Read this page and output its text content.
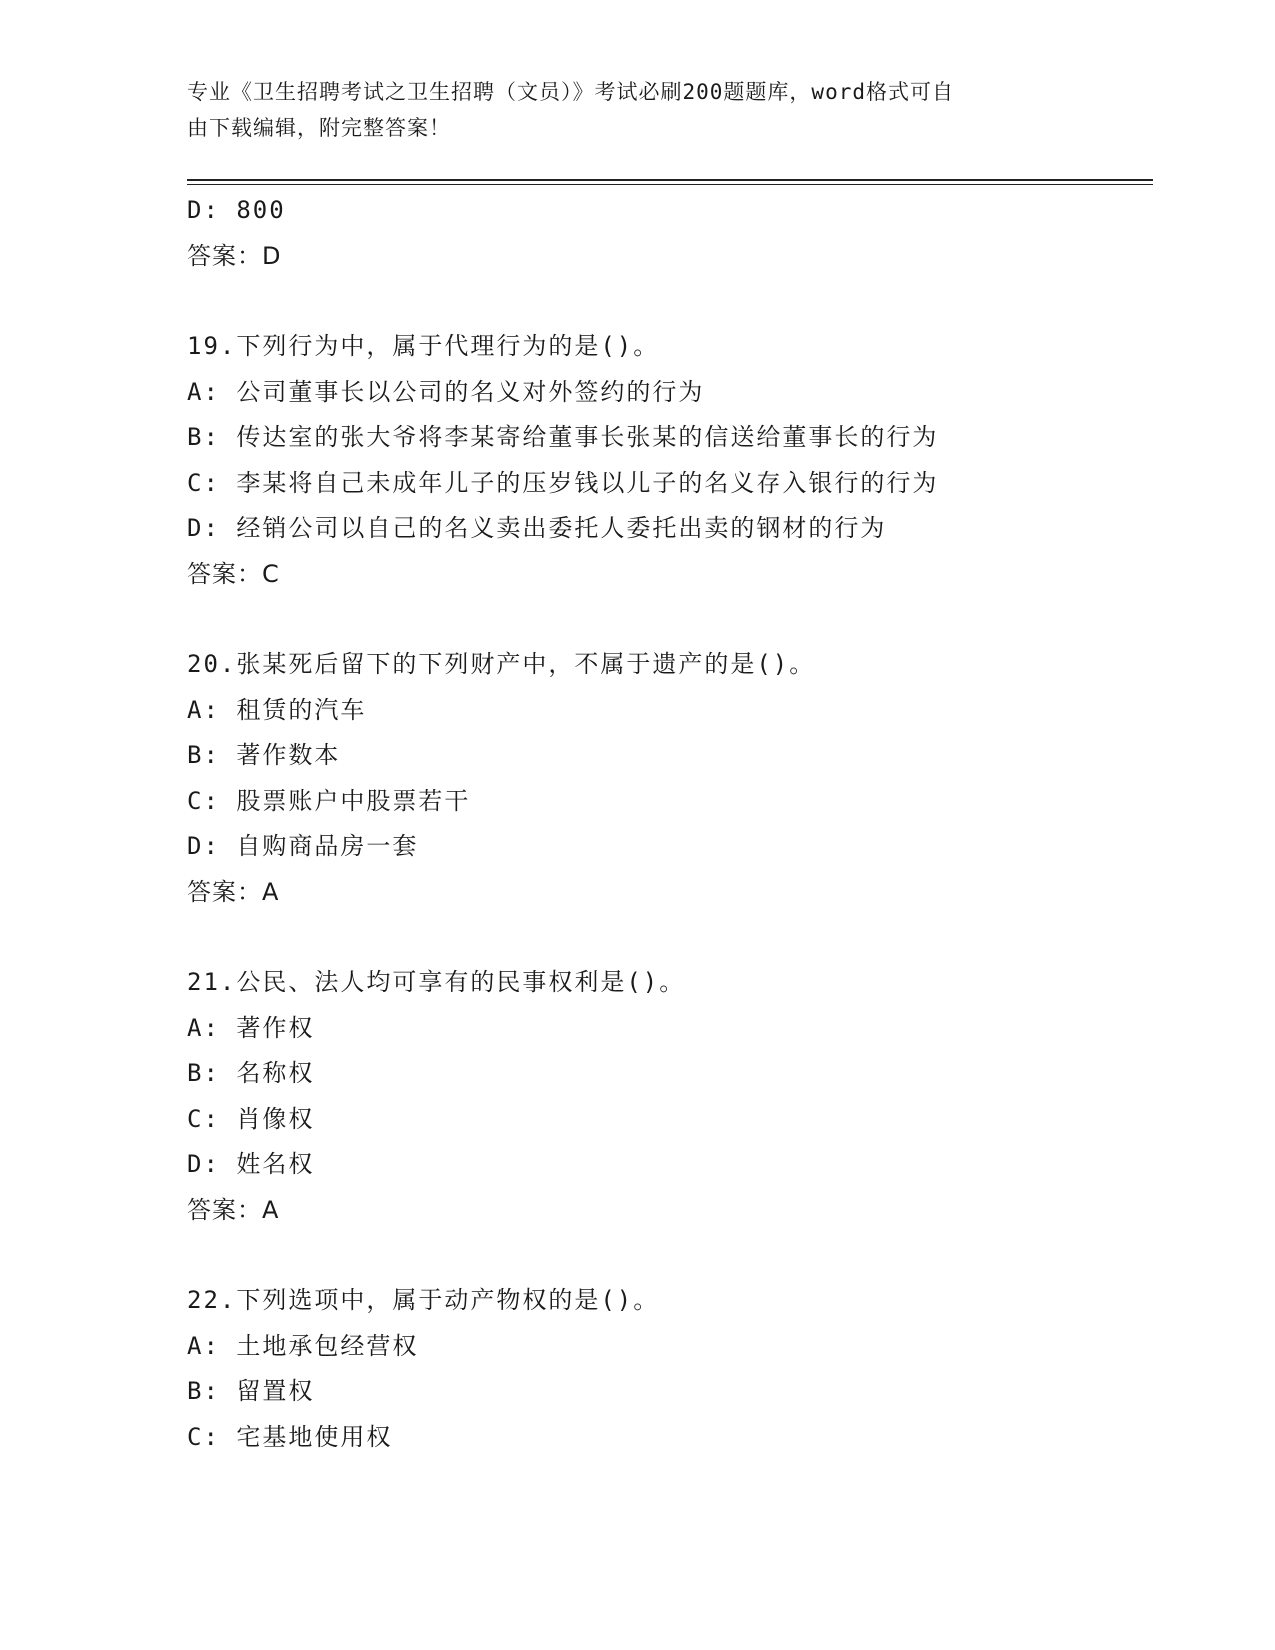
专业《卫生招聘考试之卫生招聘（文员）》考试必刷200题题库，word格式可自
由下载编辑，附完整答案！
D: 800
答案：D
19.下列行为中，属于代理行为的是()。
A: 公司董事长以公司的名义对外签约的行为
B: 传达室的张大爷将李某寄给董事长张某的信送给董事长的行为
C: 李某将自己未成年儿子的压岁钱以儿子的名义存入银行的行为
D: 经销公司以自己的名义卖出委托人委托出卖的钢材的行为
答案：C
20.张某死后留下的下列财产中，不属于遗产的是()。
A: 租赁的汽车
B: 著作数本
C: 股票账户中股票若干
D: 自购商品房一套
答案：A
21.公民、法人均可享有的民事权利是()。
A: 著作权
B: 名称权
C: 肖像权
D: 姓名权
答案：A
22.下列选项中，属于动产物权的是()。
A: 土地承包经营权
B: 留置权
C: 宅基地使用权
